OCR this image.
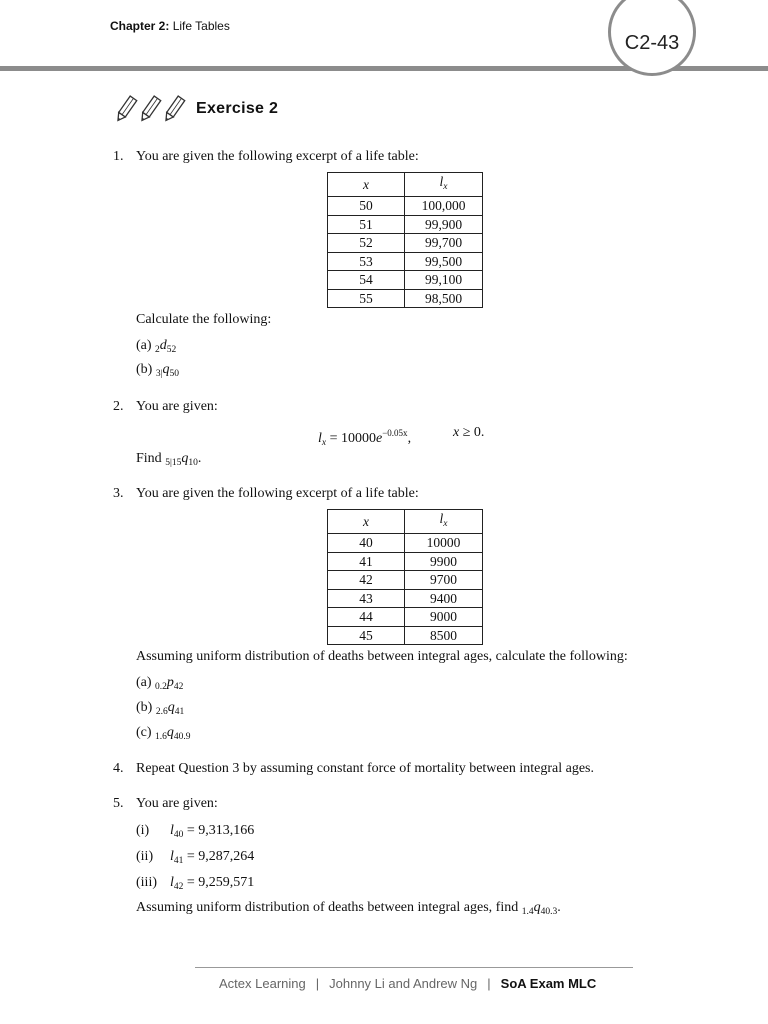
Chapter 2: Life Tables
C2-43
Exercise 2
1. You are given the following excerpt of a life table:
x	$l_x$
50	100,000
51	99,900
52	99,700
53	99,500
54	99,100
55	98,500
Calculate the following:
(a) $_2d_{52}$
(b) $_{3|}q_{50}$
2. You are given:
$l_x = 10000e^{-0.05x}$,	x ≥ 0.
Find $_{5|15}q_{10}$.
3. You are given the following excerpt of a life table:
x	$l_x$
40	10000
41	9900
42	9700
43	9400
44	9000
45	8500
Assuming uniform distribution of deaths between integral ages, calculate the following:
(a) $_{0.2}p_{42}$
(b) $_{2.6}q_{41}$
(c) $_{1.6}q_{40.9}$
4. Repeat Question 3 by assuming constant force of mortality between integral ages.
5. You are given:
(i) $l_{40} = 9,313,166$
(ii) $l_{41} = 9,287,264$
(iii) $l_{42} = 9,259,571$
Assuming uniform distribution of deaths between integral ages, find $_{1.4}q_{40.3}$.
Actex Learning | Johnny Li and Andrew Ng | SoA Exam MLC
